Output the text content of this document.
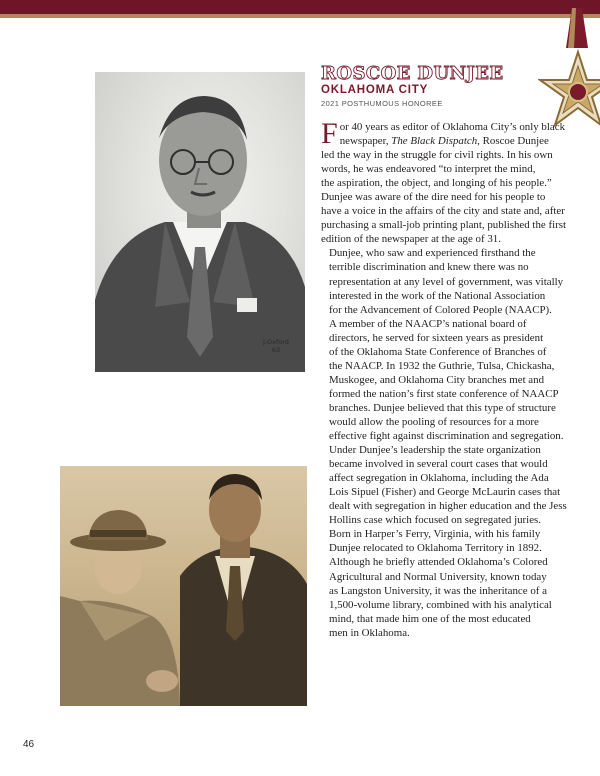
J.Oxford
63
ROSCOE DUNJEE
OKLAHOMA CITY
2021 POSTHUMOUS HONOREE

F or 40 years as editor of Oklahoma City’s only black
newspaper, The Black Dispatch, Roscoe Dunjee
led the way in the struggle for civil rights. In his own
words, he was endeavored “to interpret the mind,
the aspiration, the object, and longing of his people.”
Dunjee was aware of the dire need for his people to
have a voice in the affairs of the city and state and, after
purchasing a small-job printing plant, published the first
edition of the newspaper at the age of 31.

Dunjee, who saw and experienced firsthand the
terrible discrimination and knew there was no
representation at any level of government, was vitally
interested in the work of the National Association
for the Advancement of Colored People (NAACP).
A member of the NAACP’s national board of
directors, he served for sixteen years as president
of the Oklahoma State Conference of Branches of
the NAACP. In 1932 the Guthrie, Tulsa, Chickasha,
Muskogee, and Oklahoma City branches met and
formed the nation’s first state conference of NAACP
branches. Dunjee believed that this type of structure
would allow the pooling of resources for a more
effective fight against discrimination and segregation.
Under Dunjee’s leadership the state organization
became involved in several court cases that would
affect segregation in Oklahoma, including the Ada
Lois Sipuel (Fisher) and George McLaurin cases that
dealt with segregation in higher education and the Jess
Hollins case which focused on segregated juries.

Born in Harper’s Ferry, Virginia, with his family
Dunjee relocated to Oklahoma Territory in 1892.
Although he briefly attended Oklahoma’s Colored
Agricultural and Normal University, known today
as Langston University, it was the inheritance of a
1,500-volume library, combined with his analytical
mind, that made him one of the most educated
men in Oklahoma.

46
